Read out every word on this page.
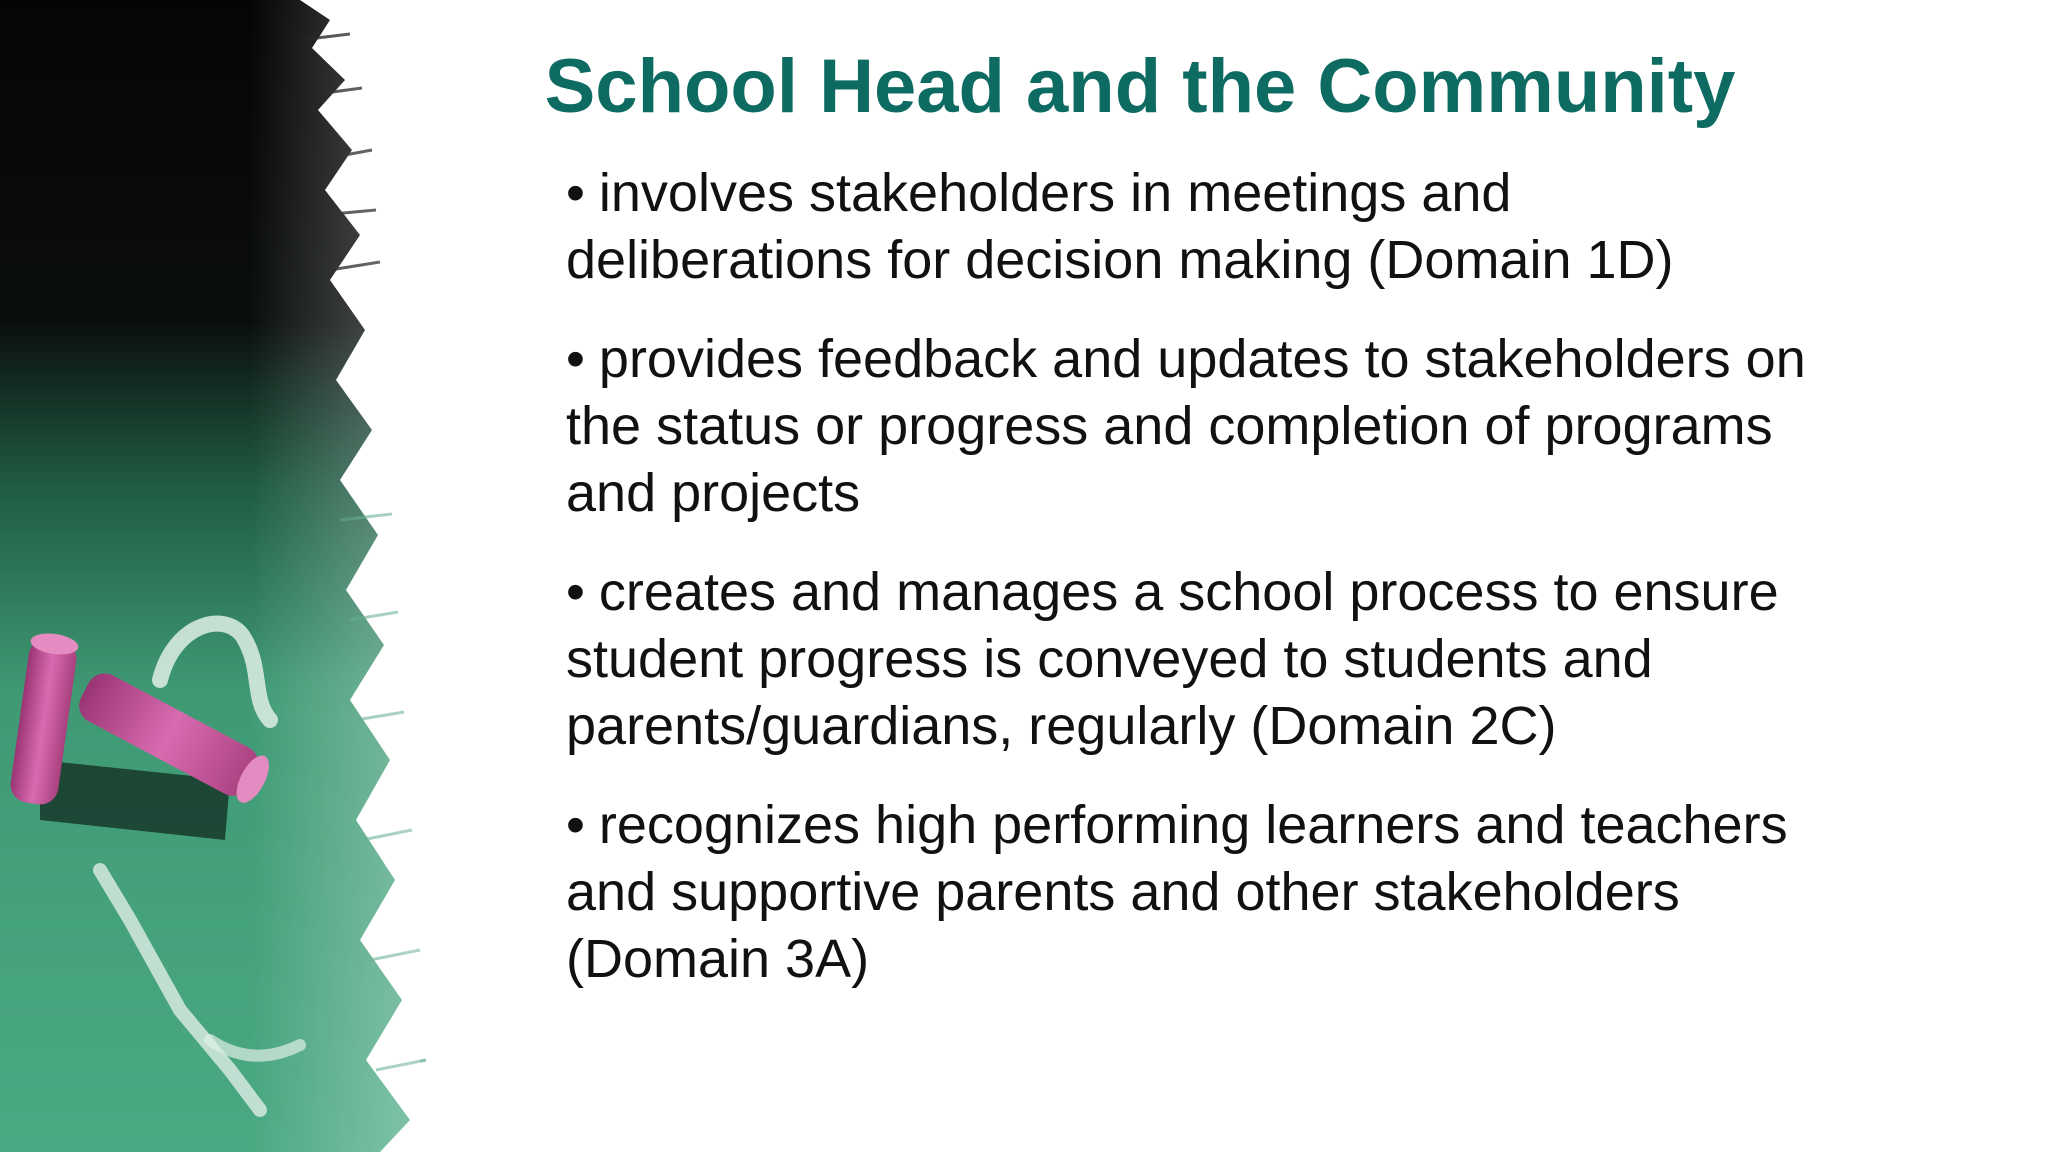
School Head and the Community
• involves stakeholders in meetings and deliberations for decision making (Domain 1D)
• provides feedback and updates to stakeholders on the status or progress and completion of programs and projects
• creates and manages a school process to ensure student progress is conveyed to students and parents/guardians, regularly (Domain 2C)
• recognizes high performing learners and teachers and supportive parents and other stakeholders (Domain 3A)
